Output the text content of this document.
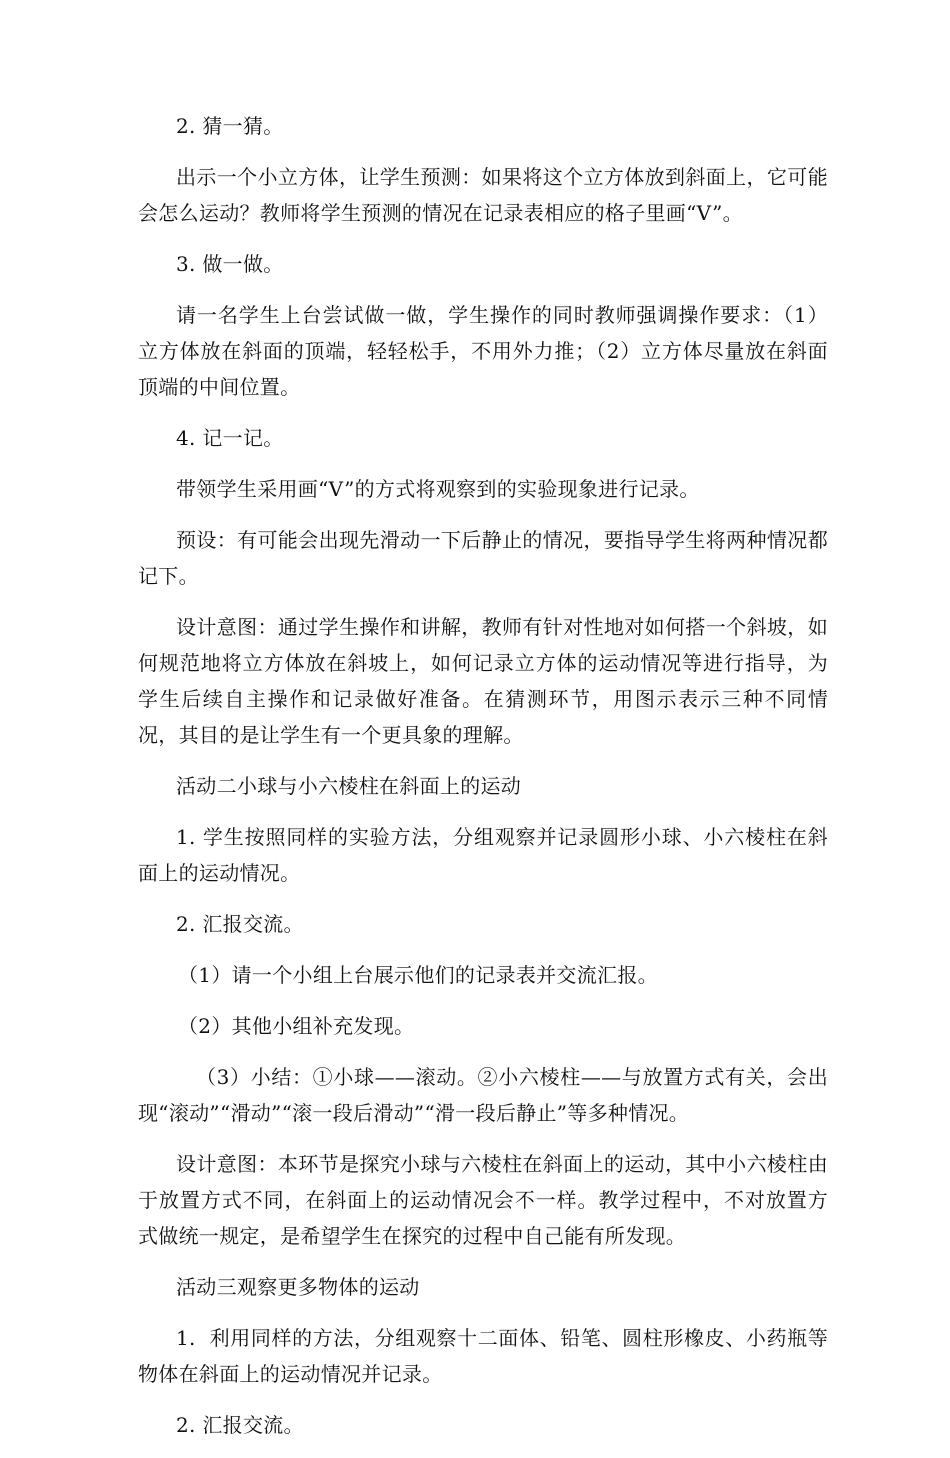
2. 猜一猜。

出示一个小立方体，让学生预测：如果将这个立方体放到斜面上，它可能会怎么运动？教师将学生预测的情况在记录表相应的格子里画“V”。

3. 做一做。

请一名学生上台尝试做一做，学生操作的同时教师强调操作要求：（1）立方体放在斜面的顶端，轻轻松手，不用外力推；（2）立方体尽量放在斜面顶端的中间位置。

4. 记一记。

带领学生采用画“V”的方式将观察到的实验现象进行记录。

预设：有可能会出现先滑动一下后静止的情况，要指导学生将两种情况都记下。

设计意图：通过学生操作和讲解，教师有针对性地对如何搭一个斜坡，如何规范地将立方体放在斜坡上，如何记录立方体的运动情况等进行指导，为学生后续自主操作和记录做好准备。在猜测环节，用图示表示三种不同情况，其目的是让学生有一个更具象的理解。

活动二小球与小六棱柱在斜面上的运动

1. 学生按照同样的实验方法，分组观察并记录圆形小球、小六棱柱在斜面上的运动情况。

2. 汇报交流。

（1）请一个小组上台展示他们的记录表并交流汇报。

（2）其他小组补充发现。

（3）小结：①小球——滚动。②小六棱柱——与放置方式有关，会出现“滚动”“滑动”“滚一段后滑动”“滑一段后静止”等多种情况。

设计意图：本环节是探究小球与六棱柱在斜面上的运动，其中小六棱柱由于放置方式不同，在斜面上的运动情况会不一样。教学过程中，不对放置方式做统一规定，是希望学生在探究的过程中自己能有所发现。

活动三观察更多物体的运动

1.  利用同样的方法，分组观察十二面体、铅笔、圆柱形橡皮、小药瓶等物体在斜面上的运动情况并记录。

2. 汇报交流。
